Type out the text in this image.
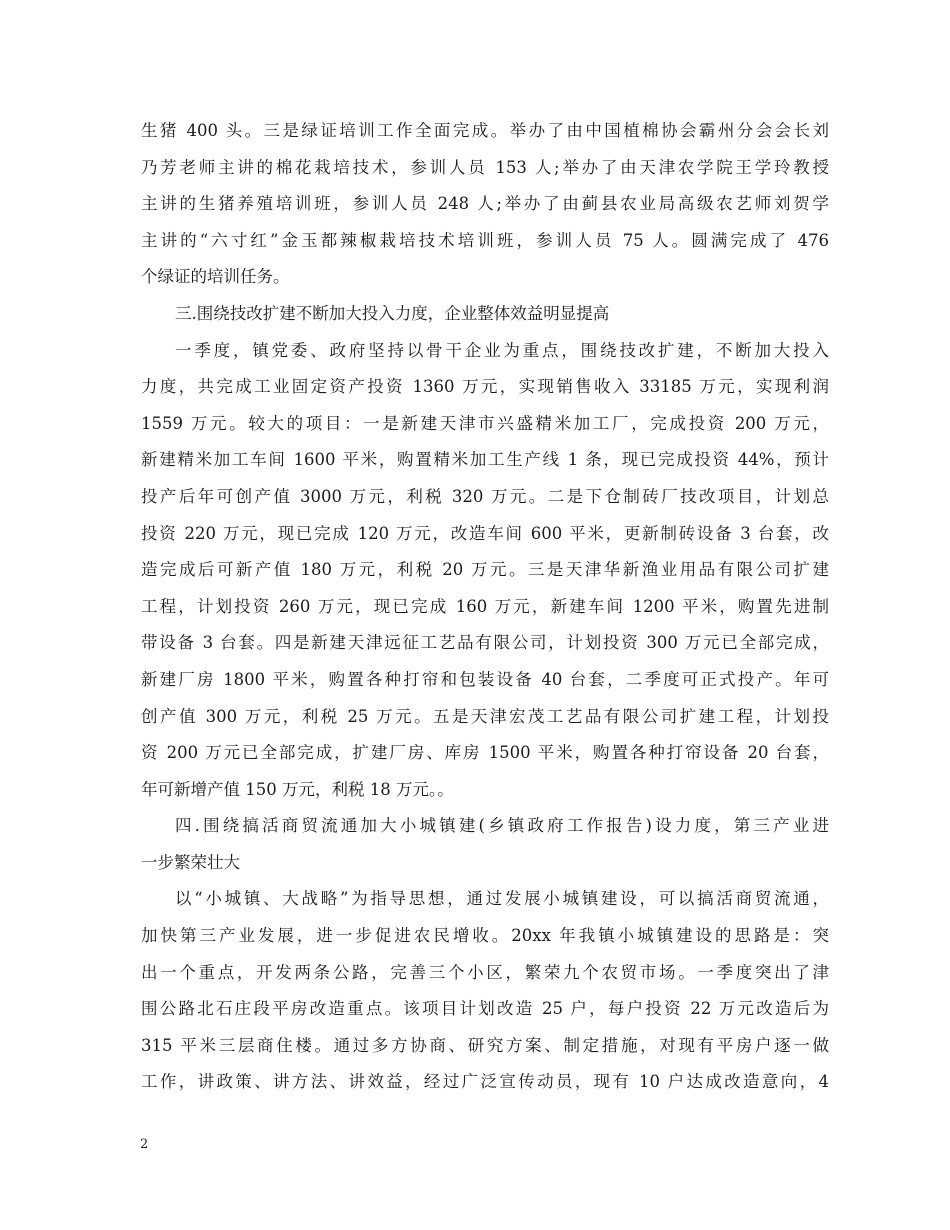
生猪 400 头。三是绿证培训工作全面完成。举办了由中国植棉协会霸州分会会长刘
乃芳老师主讲的棉花栽培技术，参训人员 153 人;举办了由天津农学院王学玲教授
主讲的生猪养殖培训班，参训人员 248 人;举办了由蓟县农业局高级农艺师刘贺学
主讲的“六寸红”金玉都辣椒栽培技术培训班，参训人员 75 人。圆满完成了 476
个绿证的培训任务。
三.围绕技改扩建不断加大投入力度，企业整体效益明显提高
一季度，镇党委、政府坚持以骨干企业为重点，围绕技改扩建，不断加大投入
力度，共完成工业固定资产投资 1360 万元，实现销售收入 33185 万元，实现利润
1559 万元。较大的项目：一是新建天津市兴盛精米加工厂，完成投资 200 万元，
新建精米加工车间 1600 平米，购置精米加工生产线 1 条，现已完成投资 44%，预计
投产后年可创产值 3000 万元，利税 320 万元。二是下仓制砖厂技改项目，计划总
投资 220 万元，现已完成 120 万元，改造车间 600 平米，更新制砖设备 3 台套，改
造完成后可新产值 180 万元，利税 20 万元。三是天津华新渔业用品有限公司扩建
工程，计划投资 260 万元，现已完成 160 万元，新建车间 1200 平米，购置先进制
带设备 3 台套。四是新建天津远征工艺品有限公司，计划投资 300 万元已全部完成，
新建厂房 1800 平米，购置各种打帘和包装设备 40 台套，二季度可正式投产。年可
创产值 300 万元，利税 25 万元。五是天津宏茂工艺品有限公司扩建工程，计划投
资 200 万元已全部完成，扩建厂房、库房 1500 平米，购置各种打帘设备 20 台套，
年可新增产值 150 万元，利税 18 万元。。
四.围绕搞活商贸流通加大小城镇建(乡镇政府工作报告)设力度，第三产业进
一步繁荣壮大
以“小城镇、大战略”为指导思想，通过发展小城镇建设，可以搞活商贸流通，
加快第三产业发展，进一步促进农民增收。20xx 年我镇小城镇建设的思路是：突
出一个重点，开发两条公路，完善三个小区，繁荣九个农贸市场。一季度突出了津
围公路北石庄段平房改造重点。该项目计划改造 25 户，每户投资 22 万元改造后为
315 平米三层商住楼。通过多方协商、研究方案、制定措施，对现有平房户逐一做
工作，讲政策、讲方法、讲效益，经过广泛宣传动员，现有 10 户达成改造意向，4
2
